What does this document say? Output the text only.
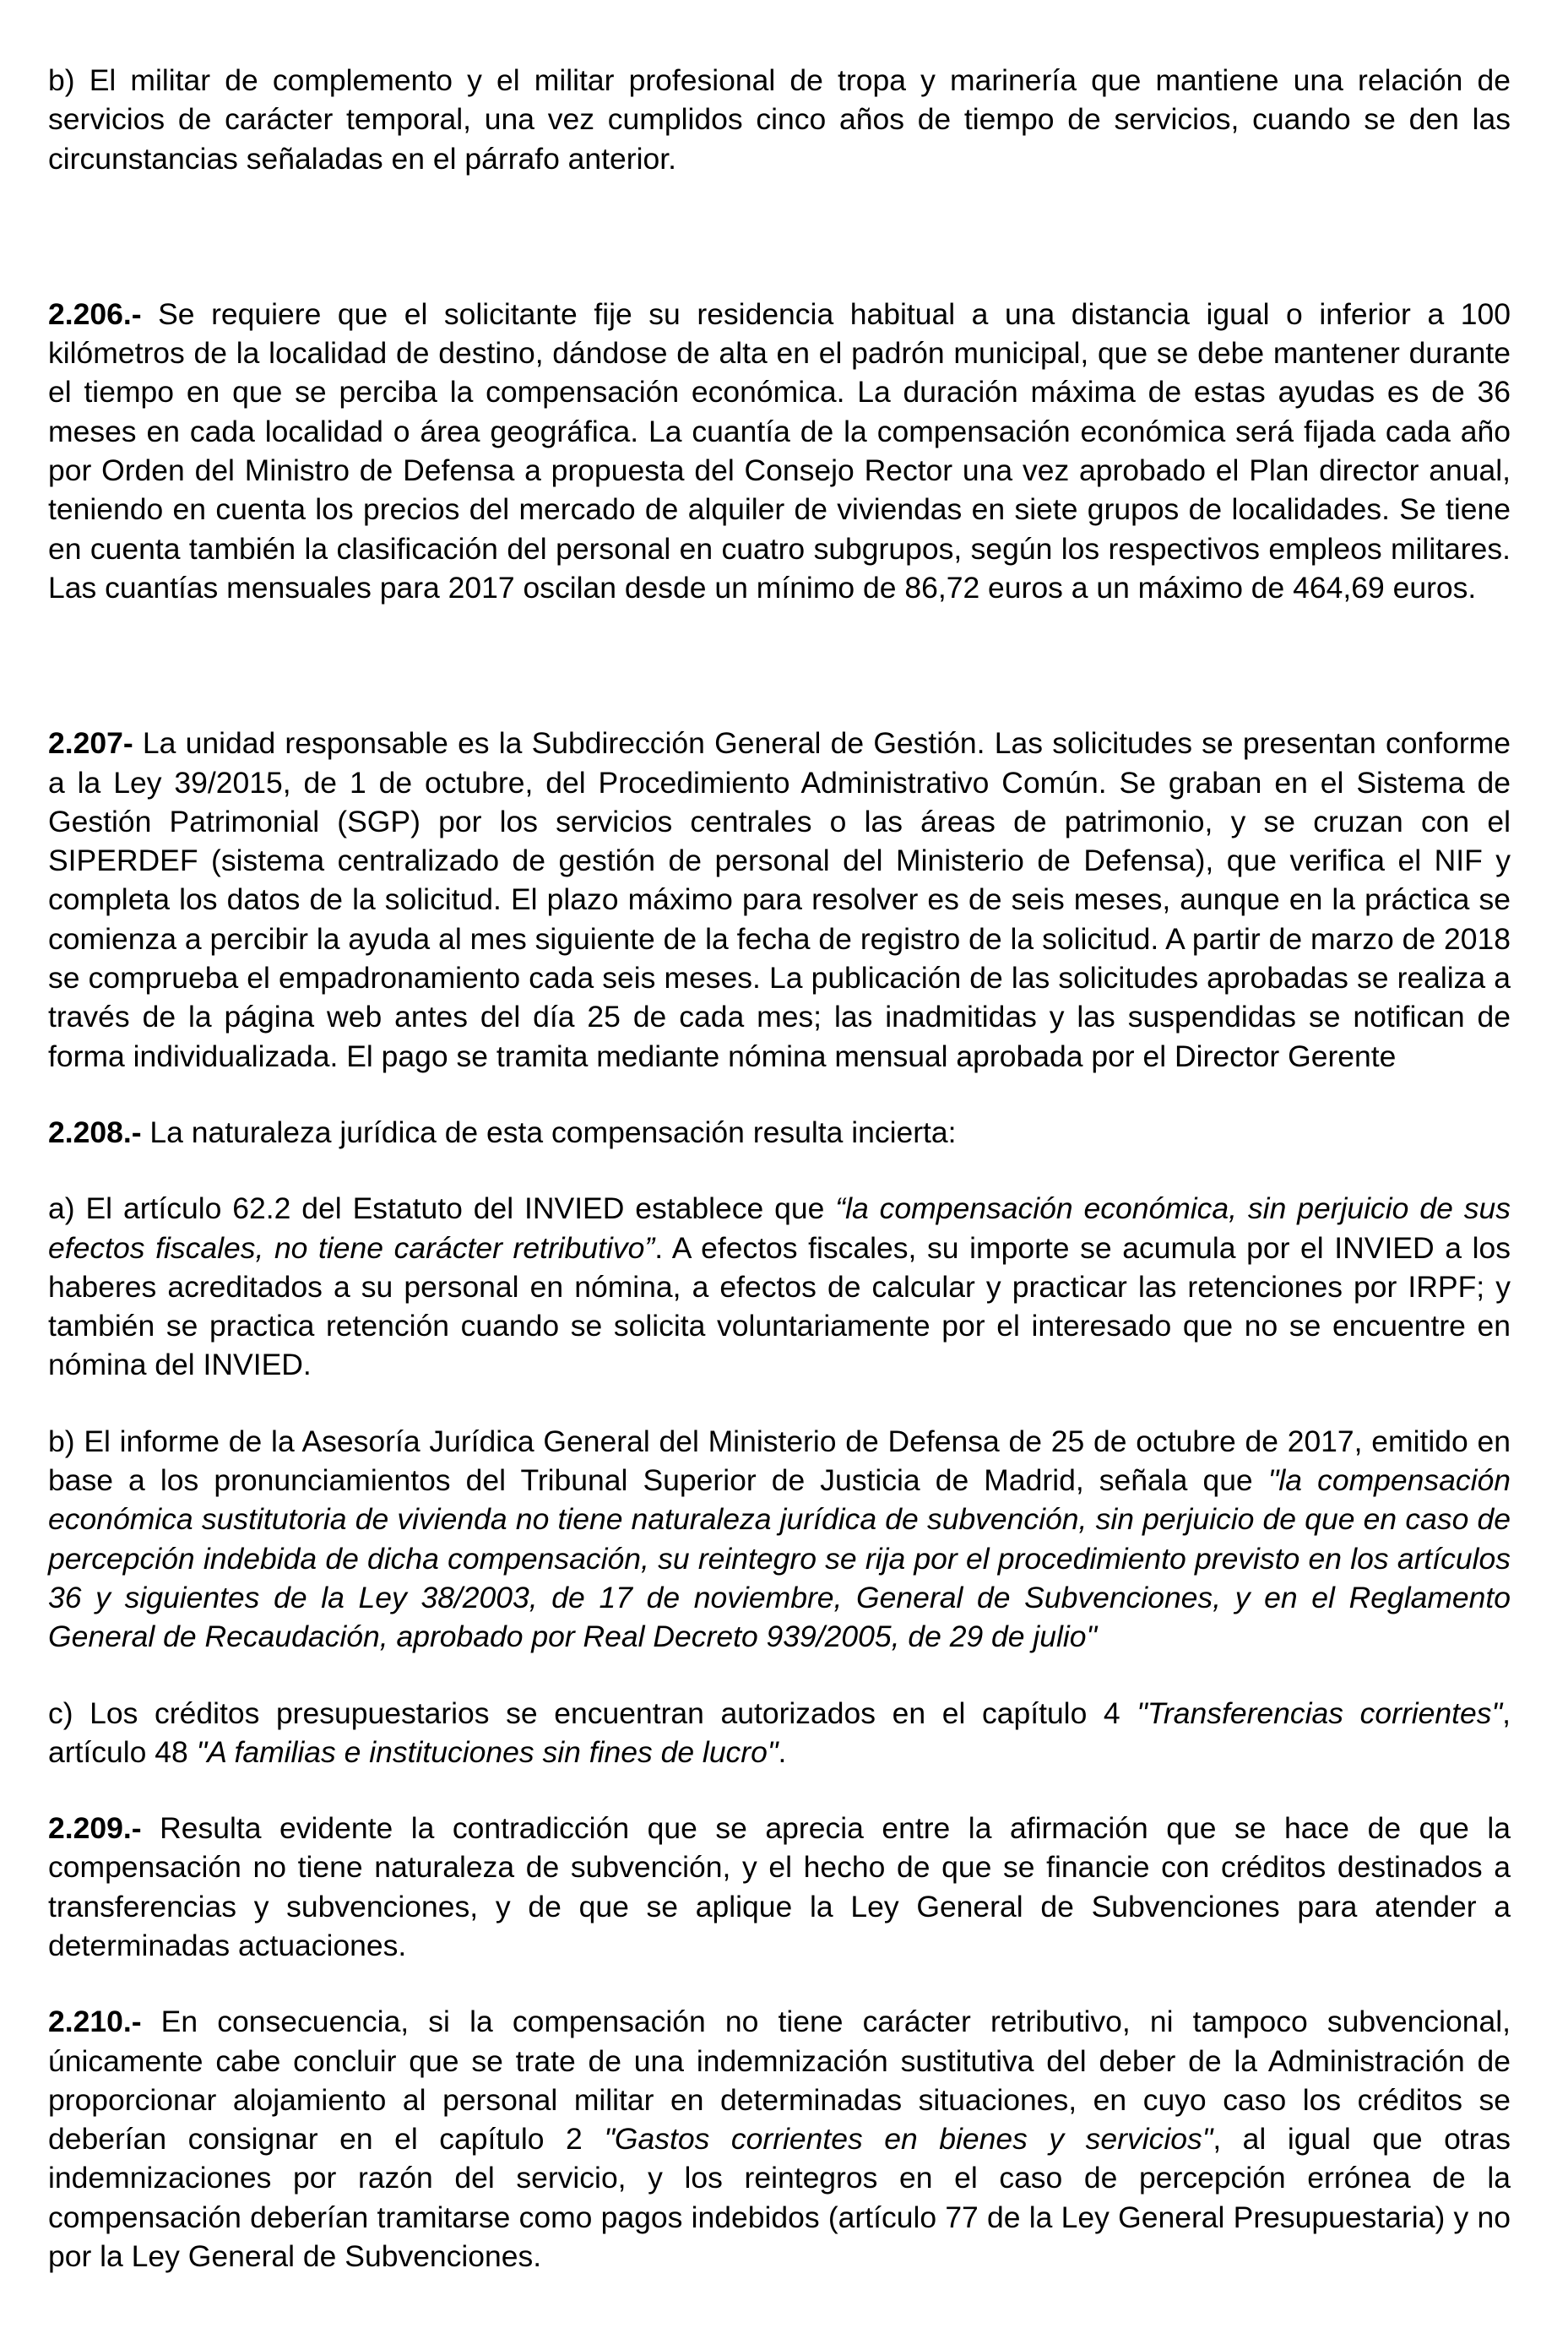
b) El militar de complemento y el militar profesional de tropa y marinería que mantiene una relación de servicios de carácter temporal, una vez cumplidos cinco años de tiempo de servicios, cuando se den las circunstancias señaladas en el párrafo anterior.

2.206.- Se requiere que el solicitante fije su residencia habitual a una distancia igual o inferior a 100 kilómetros de la localidad de destino, dándose de alta en el padrón municipal, que se debe mantener durante el tiempo en que se perciba la compensación económica. La duración máxima de estas ayudas es de 36 meses en cada localidad o área geográfica. La cuantía de la compensación económica será fijada cada año por Orden del Ministro de Defensa a propuesta del Consejo Rector una vez aprobado el Plan director anual, teniendo en cuenta los precios del mercado de alquiler de viviendas en siete grupos de localidades. Se tiene en cuenta también la clasificación del personal en cuatro subgrupos, según los respectivos empleos militares. Las cuantías mensuales para 2017 oscilan desde un mínimo de 86,72 euros a un máximo de 464,69 euros.

2.207- La unidad responsable es la Subdirección General de Gestión. Las solicitudes se presentan conforme a la Ley 39/2015, de 1 de octubre, del Procedimiento Administrativo Común. Se graban en el Sistema de Gestión Patrimonial (SGP) por los servicios centrales o las áreas de patrimonio, y se cruzan con el SIPERDEF (sistema centralizado de gestión de personal del Ministerio de Defensa), que verifica el NIF y completa los datos de la solicitud. El plazo máximo para resolver es de seis meses, aunque en la práctica se comienza a percibir la ayuda al mes siguiente de la fecha de registro de la solicitud. A partir de marzo de 2018 se comprueba el empadronamiento cada seis meses. La publicación de las solicitudes aprobadas se realiza a través de la página web antes del día 25 de cada mes; las inadmitidas y las suspendidas se notifican de forma individualizada. El pago se tramita mediante nómina mensual aprobada por el Director Gerente

2.208.- La naturaleza jurídica de esta compensación resulta incierta:

a) El artículo 62.2 del Estatuto del INVIED establece que “la compensación económica, sin perjuicio de sus efectos fiscales, no tiene carácter retributivo”. A efectos fiscales, su importe se acumula por el INVIED a los haberes acreditados a su personal en nómina, a efectos de calcular y practicar las retenciones por IRPF; y también se practica retención cuando se solicita voluntariamente por el interesado que no se encuentre en nómina del INVIED.

b) El informe de la Asesoría Jurídica General del Ministerio de Defensa de 25 de octubre de 2017, emitido en base a los pronunciamientos del Tribunal Superior de Justicia de Madrid, señala que "la compensación económica sustitutoria de vivienda no tiene naturaleza jurídica de subvención, sin perjuicio de que en caso de percepción indebida de dicha compensación, su reintegro se rija por el procedimiento previsto en los artículos 36 y siguientes de la Ley 38/2003, de 17 de noviembre, General de Subvenciones, y en el Reglamento General de Recaudación, aprobado por Real Decreto 939/2005, de 29 de julio"

c) Los créditos presupuestarios se encuentran autorizados en el capítulo 4 "Transferencias corrientes", artículo 48 "A familias e instituciones sin fines de lucro".

2.209.- Resulta evidente la contradicción que se aprecia entre la afirmación que se hace de que la compensación no tiene naturaleza de subvención, y el hecho de que se financie con créditos destinados a transferencias y subvenciones, y de que se aplique la Ley General de Subvenciones para atender a determinadas actuaciones.

2.210.- En consecuencia, si la compensación no tiene carácter retributivo, ni tampoco subvencional, únicamente cabe concluir que se trate de una indemnización sustitutiva del deber de la Administración de proporcionar alojamiento al personal militar en determinadas situaciones, en cuyo caso los créditos se deberían consignar en el capítulo 2 "Gastos corrientes en bienes y servicios", al igual que otras indemnizaciones por razón del servicio, y los reintegros en el caso de percepción errónea de la compensación deberían tramitarse como pagos indebidos (artículo 77 de la Ley General Presupuestaria) y no por la Ley General de Subvenciones.
